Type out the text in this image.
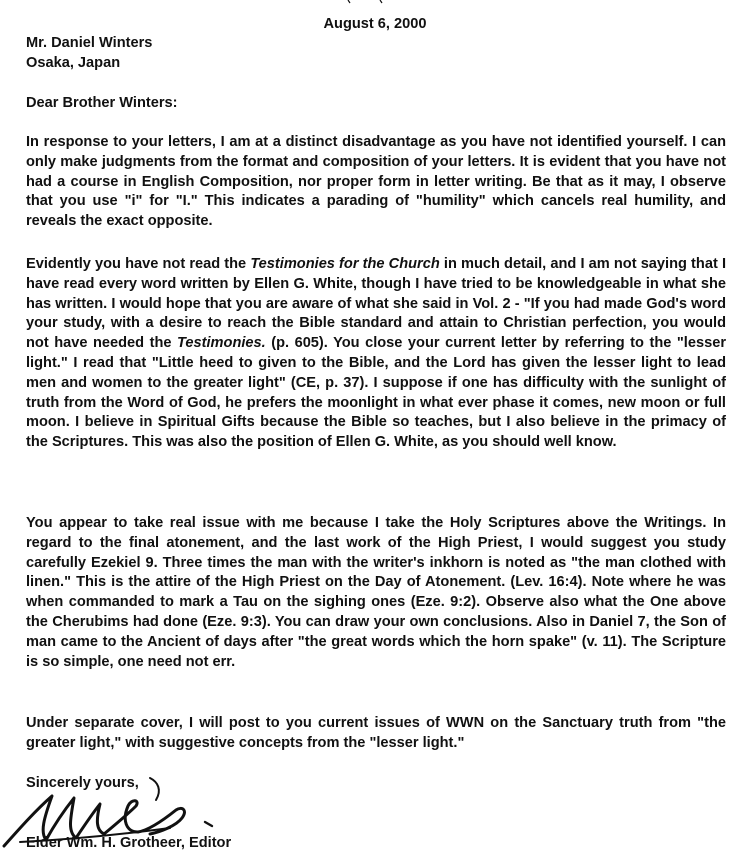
August 6, 2000
Mr. Daniel Winters
Osaka, Japan
Dear Brother Winters:

In response to your letters, I am at a distinct disadvantage as you have not identified yourself. I can only make judgments from the format and composition of your letters. It is evident that you have not had a course in English Composition, nor proper form in letter writing. Be that as it may, I observe that you use "i" for "I." This indicates a parading of "humility" which cancels real humility, and reveals the exact opposite.

Evidently you have not read the Testimonies for the Church in much detail, and I am not saying that I have read every word written by Ellen G. White, though I have tried to be knowledgeable in what she has written. I would hope that you are aware of what she said in Vol. 2 - "If you had made God's word your study, with a desire to reach the Bible standard and attain to Christian perfection, you would not have needed the Testimonies. (p. 605). You close your current letter by referring to the "lesser light." I read that "Little heed to given to the Bible, and the Lord has given the lesser light to lead men and women to the greater light" (CE, p. 37). I suppose if one has difficulty with the sunlight of truth from the Word of God, he prefers the moonlight in what ever phase it comes, new moon or full moon. I believe in Spiritual Gifts because the Bible so teaches, but I also believe in the primacy of the Scriptures. This was also the position of Ellen G. White, as you should well know.

You appear to take real issue with me because I take the Holy Scriptures above the Writings. In regard to the final atonement, and the last work of the High Priest, I would suggest you study carefully Ezekiel 9. Three times the man with the writer's inkhorn is noted as "the man clothed with linen." This is the attire of the High Priest on the Day of Atonement. (Lev. 16:4). Note where he was when commanded to mark a Tau on the sighing ones (Eze. 9:2). Observe also what the One above the Cherubims had done (Eze. 9:3). You can draw your own conclusions. Also in Daniel 7, the Son of man came to the Ancient of days after "the great words which the horn spake" (v. 11). The Scripture is so simple, one need not err.

Under separate cover, I will post to you current issues of WWN on the Sanctuary truth from "the greater light," with suggestive concepts from the "lesser light."

Sincerely yours,
Elder Wm. H. Grotheer, Editor
